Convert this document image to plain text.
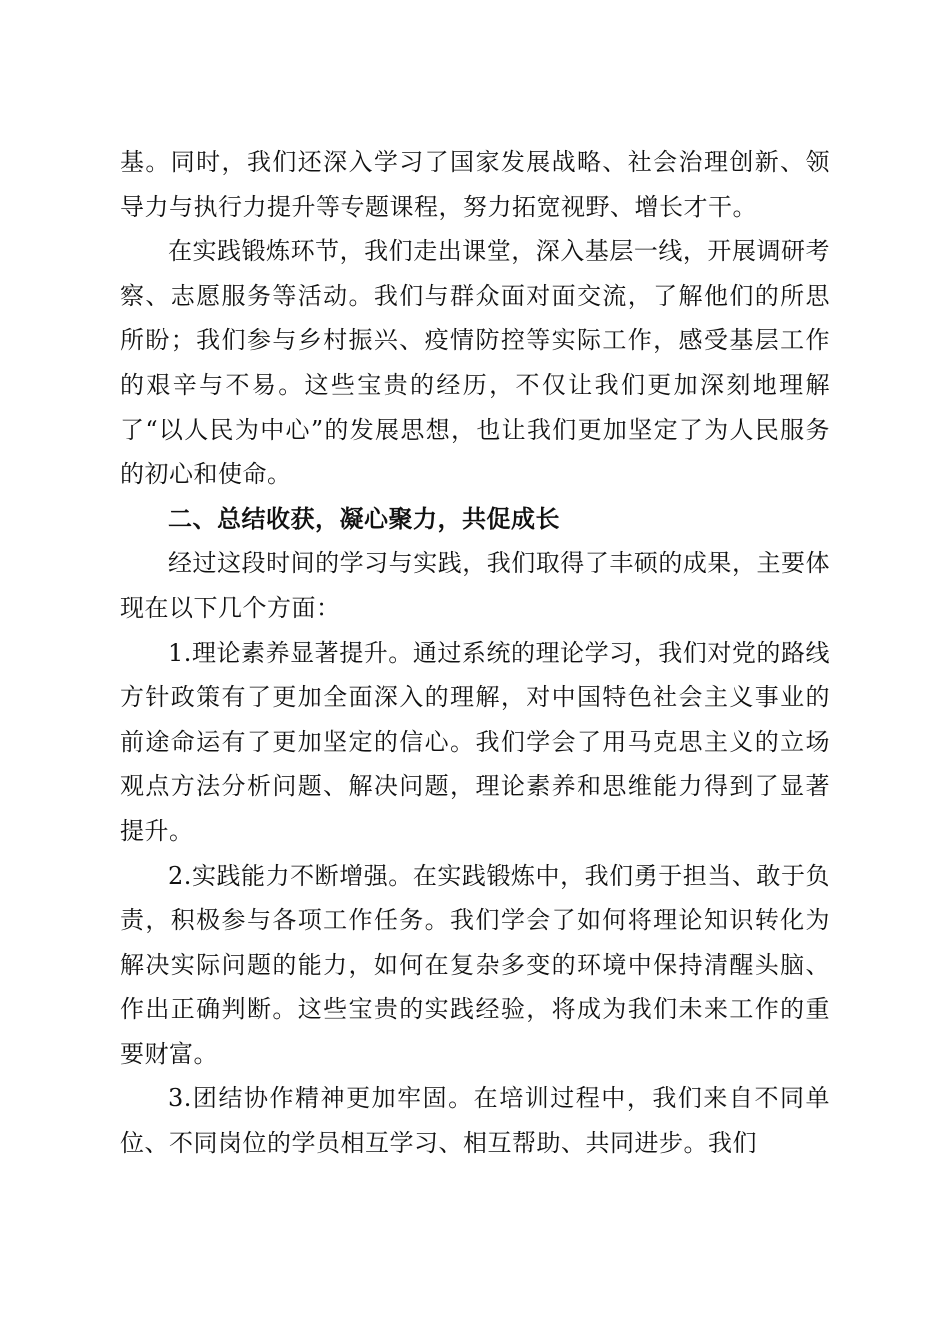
基。同时，我们还深入学习了国家发展战略、社会治理创新、领导力与执行力提升等专题课程，努力拓宽视野、增长才干。

在实践锻炼环节，我们走出课堂，深入基层一线，开展调研考察、志愿服务等活动。我们与群众面对面交流，了解他们的所思所盼；我们参与乡村振兴、疫情防控等实际工作，感受基层工作的艰辛与不易。这些宝贵的经历，不仅让我们更加深刻地理解了“以人民为中心”的发展思想，也让我们更加坚定了为人民服务的初心和使命。

二、总结收获，凝心聚力，共促成长

经过这段时间的学习与实践，我们取得了丰硕的成果，主要体现在以下几个方面：

1.理论素养显著提升。通过系统的理论学习，我们对党的路线方针政策有了更加全面深入的理解，对中国特色社会主义事业的前途命运有了更加坚定的信心。我们学会了用马克思主义的立场观点方法分析问题、解决问题，理论素养和思维能力得到了显著提升。

2.实践能力不断增强。在实践锻炼中，我们勇于担当、敢于负责，积极参与各项工作任务。我们学会了如何将理论知识转化为解决实际问题的能力，如何在复杂多变的环境中保持清醒头脑、作出正确判断。这些宝贵的实践经验，将成为我们未来工作的重要财富。

3.团结协作精神更加牢固。在培训过程中，我们来自不同单位、不同岗位的学员相互学习、相互帮助、共同进步。我们
